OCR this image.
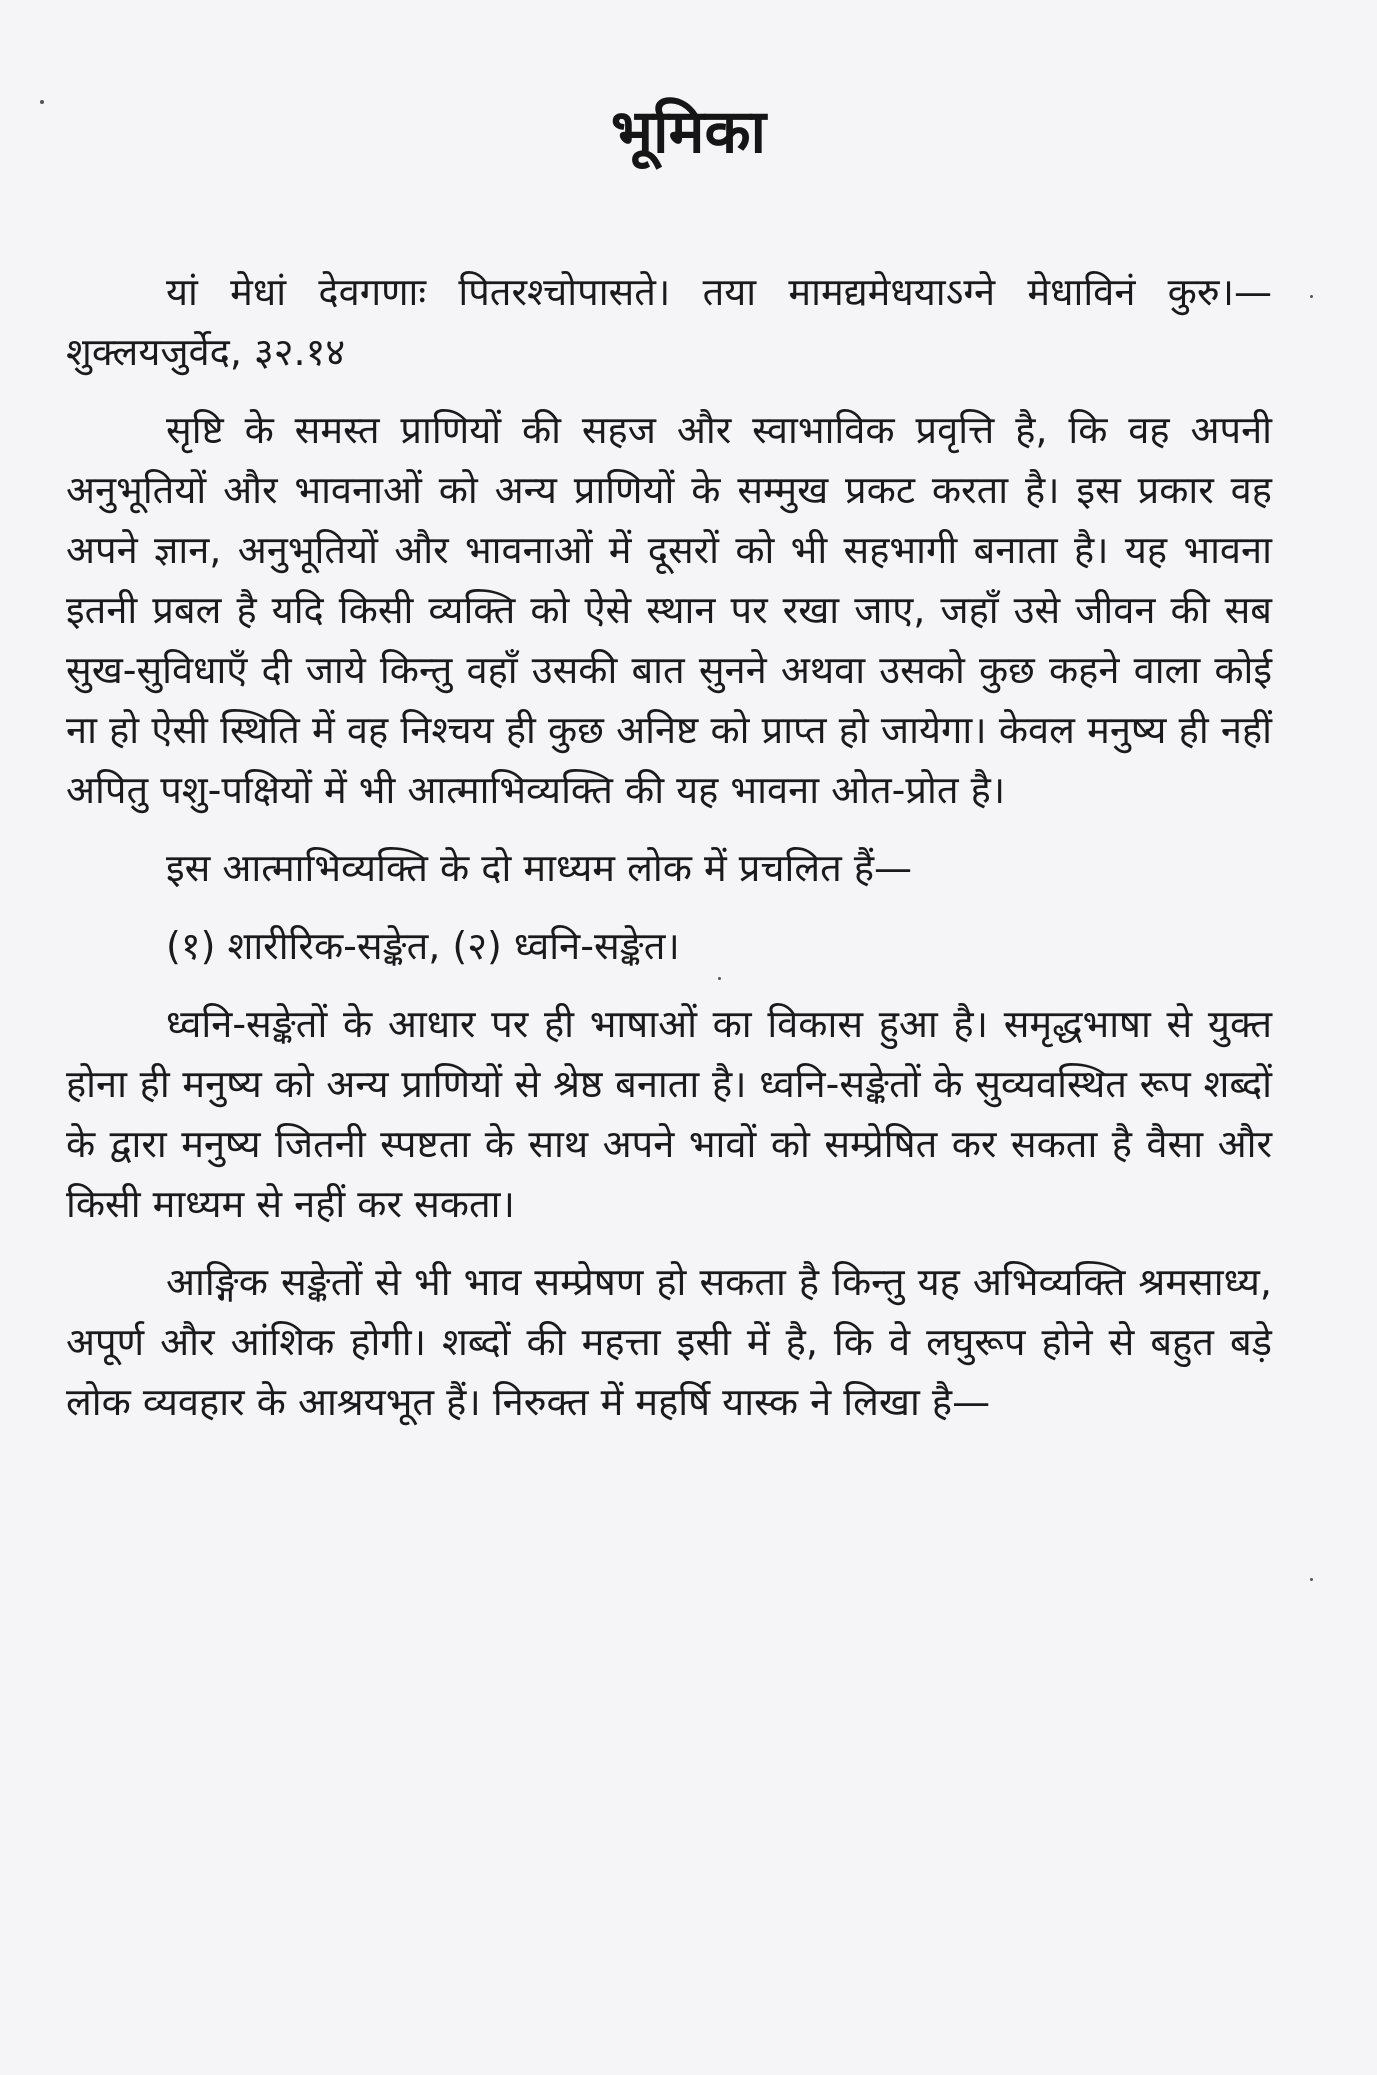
भूमिका

यां मेधां देवगणाः पितरश्चोपासते। तया मामद्यमेधयाऽग्ने मेधाविनं कुरु।—शुक्लयजुर्वेद, ३२.१४

सृष्टि के समस्त प्राणियों की सहज और स्वाभाविक प्रवृत्ति है, कि वह अपनी अनुभूतियों और भावनाओं को अन्य प्राणियों के सम्मुख प्रकट करता है। इस प्रकार वह अपने ज्ञान, अनुभूतियों और भावनाओं में दूसरों को भी सहभागी बनाता है। यह भावना इतनी प्रबल है यदि किसी व्यक्ति को ऐसे स्थान पर रखा जाए, जहाँ उसे जीवन की सब सुख-सुविधाएँ दी जाये किन्तु वहाँ उसकी बात सुनने अथवा उसको कुछ कहने वाला कोई ना हो ऐसी स्थिति में वह निश्चय ही कुछ अनिष्ट को प्राप्त हो जायेगा। केवल मनुष्य ही नहीं अपितु पशु-पक्षियों में भी आत्माभिव्यक्ति की यह भावना ओत-प्रोत है।

इस आत्माभिव्यक्ति के दो माध्यम लोक में प्रचलित हैं—

(१) शारीरिक-सङ्केत, (२) ध्वनि-सङ्केत।

ध्वनि-सङ्केतों के आधार पर ही भाषाओं का विकास हुआ है। समृद्धभाषा से युक्त होना ही मनुष्य को अन्य प्राणियों से श्रेष्ठ बनाता है। ध्वनि-सङ्केतों के सुव्यवस्थित रूप शब्दों के द्वारा मनुष्य जितनी स्पष्टता के साथ अपने भावों को सम्प्रेषित कर सकता है वैसा और किसी माध्यम से नहीं कर सकता।

आङ्गिक सङ्केतों से भी भाव सम्प्रेषण हो सकता है किन्तु यह अभिव्यक्ति श्रमसाध्य, अपूर्ण और आंशिक होगी। शब्दों की महत्ता इसी में है, कि वे लघुरूप होने से बहुत बड़े लोक व्यवहार के आश्रयभूत हैं। निरुक्त में महर्षि यास्क ने लिखा है—
